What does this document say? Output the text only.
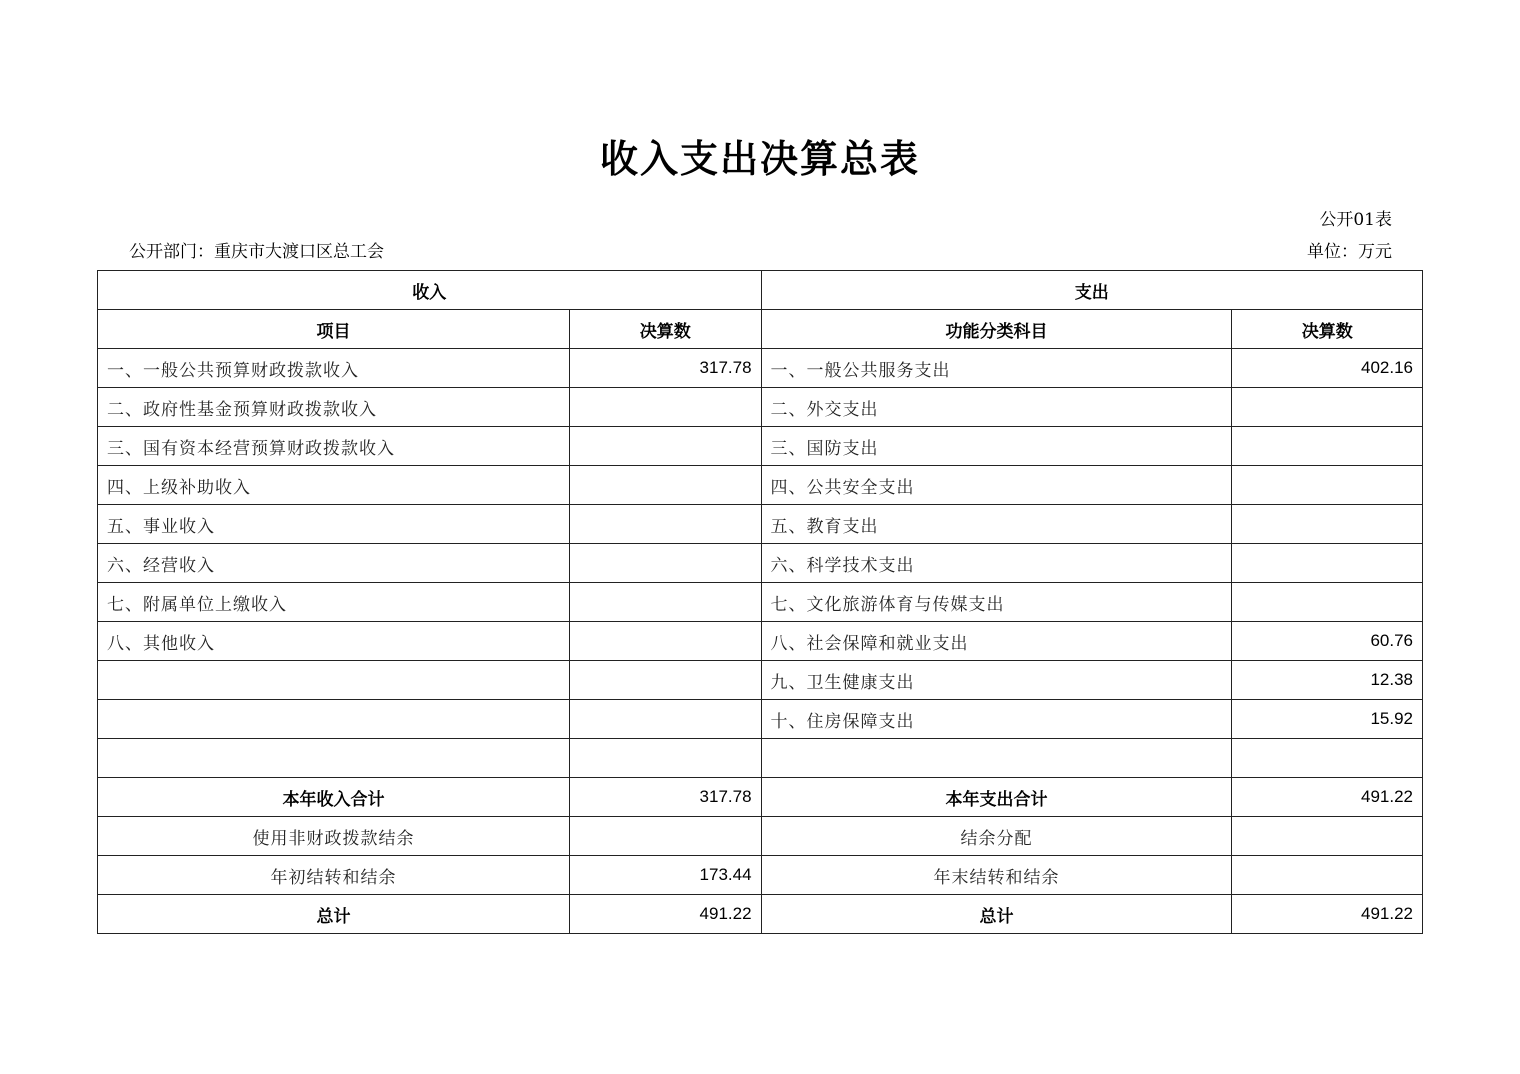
收入支出决算总表
公开01表
公开部门：重庆市大渡口区总工会	单位：万元
收入		支出	
项目	决算数	功能分类科目	决算数
一、一般公共预算财政拨款收入	317.78	一、一般公共服务支出	402.16
二、政府性基金预算财政拨款收入		二、外交支出	
三、国有资本经营预算财政拨款收入		三、国防支出	
四、上级补助收入		四、公共安全支出	
五、事业收入		五、教育支出	
六、经营收入		六、科学技术支出	
七、附属单位上缴收入		七、文化旅游体育与传媒支出	
八、其他收入		八、社会保障和就业支出	60.76
		九、卫生健康支出	12.38
		十、住房保障支出	15.92

本年收入合计	317.78	本年支出合计	491.22
使用非财政拨款结余		结余分配	
年初结转和结余	173.44	年末结转和结余	
总计	491.22	总计	491.22
